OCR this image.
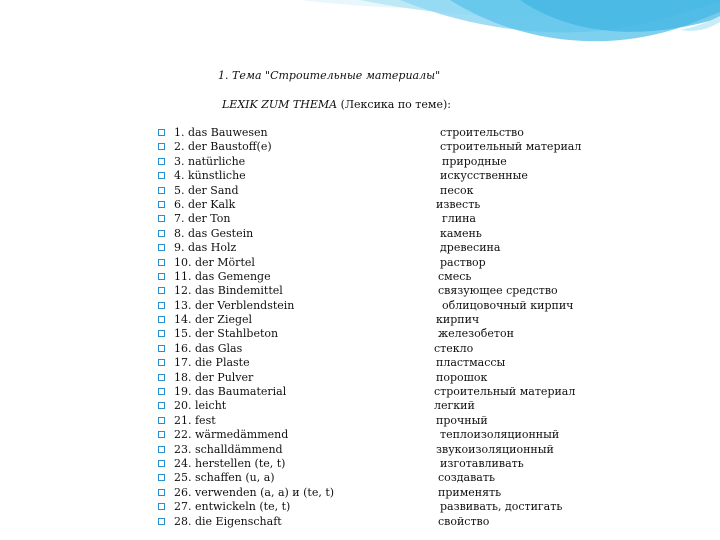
1. Тема "Строительные материалы"
LEXIK ZUM THEMA (Лексика по теме):
1. das Bauwesen	строительство
2. der Baustoff(e)	строительный материал
3. natürliche	природные
4. künstliche	искусственные
5. der Sand	песок
6. der Kalk	известь
7. der Ton	глина
8. das Gestein	камень
9. das Holz	древесина
10. der Mörtel	раствор
11. das Gemenge	смесь
12. das Bindemittel	связующее средство
13. der Verblendstein	облицовочный кирпич
14. der Ziegel	кирпич
15. der Stahlbeton	железобетон
16. das Glas	стекло
17. die Plaste	пластмассы
18. der Pulver	порошок
19. das Baumaterial	строительный материал
20. leicht	легкий
21. fest	прочный
22. wärmedämmend	теплоизоляционный
23. schalldämmend	звукоизоляционный
24. herstellen (te, t)	изготавливать
25. schaffen (u, a)	создавать
26. verwenden (a, a) и (te, t)	применять
27. entwickeln (te, t)	развивать, достигать
28. die Eigenschaft	свойство
